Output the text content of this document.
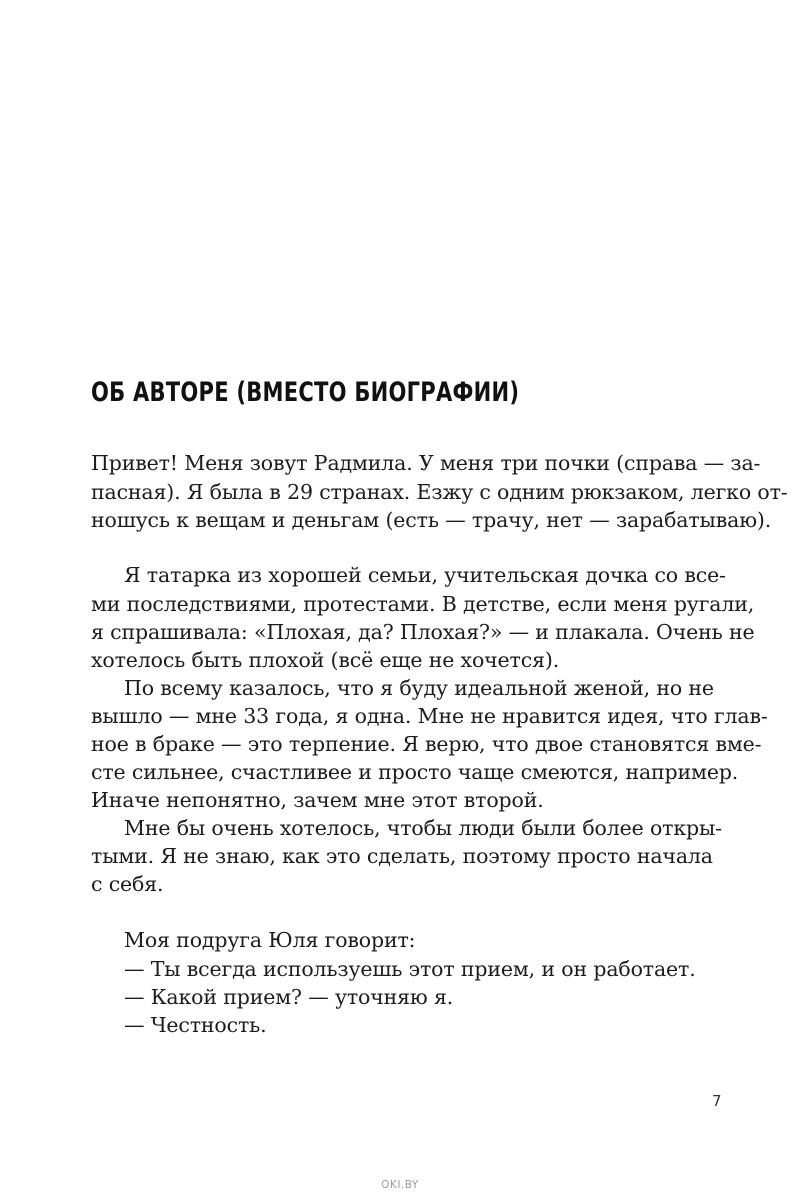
ОБ АВТОРЕ (ВМЕСТО БИОГРАФИИ)
Привет! Меня зовут Радмила. У меня три почки (справа — за-
пасная). Я была в 29 странах. Езжу с одним рюкзаком, легко от-
ношусь к вещам и деньгам (есть — трачу, нет — зарабатываю).
Я татарка из хорошей семьи, учительская дочка со все-
ми последствиями, протестами. В детстве, если меня ругали,
я спрашивала: «Плохая, да? Плохая?» — и плакала. Очень не
хотелось быть плохой (всё еще не хочется).
По всему казалось, что я буду идеальной женой, но не
вышло — мне 33 года, я одна. Мне не нравится идея, что глав-
ное в браке — это терпение. Я верю, что двое становятся вме-
сте сильнее, счастливее и просто чаще смеются, например.
Иначе непонятно, зачем мне этот второй.
Мне бы очень хотелось, чтобы люди были более откры-
тыми. Я не знаю, как это сделать, поэтому просто начала
с себя.
Моя подруга Юля говорит:
— Ты всегда используешь этот прием, и он работает.
— Какой прием? — уточняю я.
— Честность.
7
OKI.BY
